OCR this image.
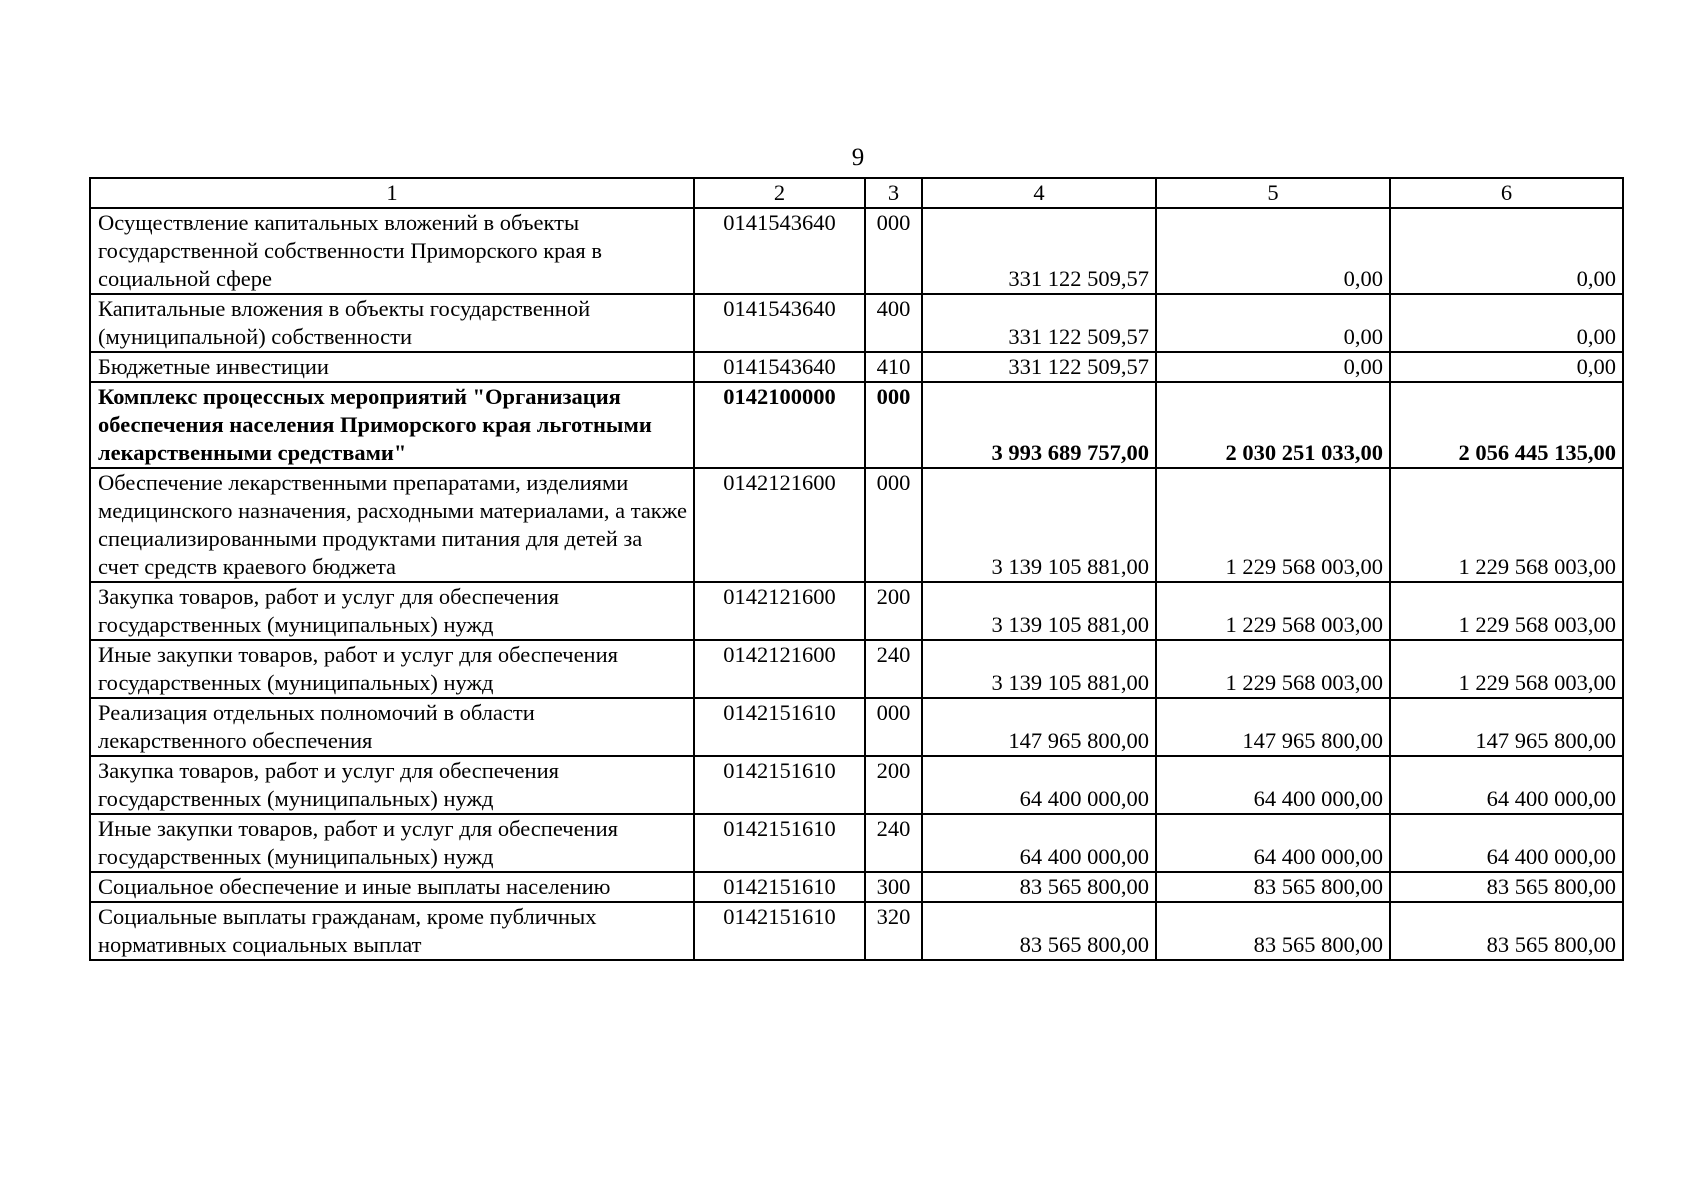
9
1	2	3	4	5	6
Осуществление капитальных вложений в объекты государственной собственности Приморского края в социальной сфере	0141543640	000	331 122 509,57	0,00	0,00
Капитальные вложения в объекты государственной (муниципальной) собственности	0141543640	400	331 122 509,57	0,00	0,00
Бюджетные инвестиции	0141543640	410	331 122 509,57	0,00	0,00
Комплекс процессных мероприятий "Организация обеспечения населения Приморского края льготными лекарственными средствами"	0142100000	000	3 993 689 757,00	2 030 251 033,00	2 056 445 135,00
Обеспечение лекарственными препаратами, изделиями медицинского назначения, расходными материалами, а также специализированными продуктами питания для детей за счет средств краевого бюджета	0142121600	000	3 139 105 881,00	1 229 568 003,00	1 229 568 003,00
Закупка товаров, работ и услуг для обеспечения государственных (муниципальных) нужд	0142121600	200	3 139 105 881,00	1 229 568 003,00	1 229 568 003,00
Иные закупки товаров, работ и услуг для обеспечения государственных (муниципальных) нужд	0142121600	240	3 139 105 881,00	1 229 568 003,00	1 229 568 003,00
Реализация отдельных полномочий в области лекарственного обеспечения	0142151610	000	147 965 800,00	147 965 800,00	147 965 800,00
Закупка товаров, работ и услуг для обеспечения государственных (муниципальных) нужд	0142151610	200	64 400 000,00	64 400 000,00	64 400 000,00
Иные закупки товаров, работ и услуг для обеспечения государственных (муниципальных) нужд	0142151610	240	64 400 000,00	64 400 000,00	64 400 000,00
Социальное обеспечение и иные выплаты населению	0142151610	300	83 565 800,00	83 565 800,00	83 565 800,00
Социальные выплаты гражданам, кроме публичных нормативных социальных выплат	0142151610	320	83 565 800,00	83 565 800,00	83 565 800,00
